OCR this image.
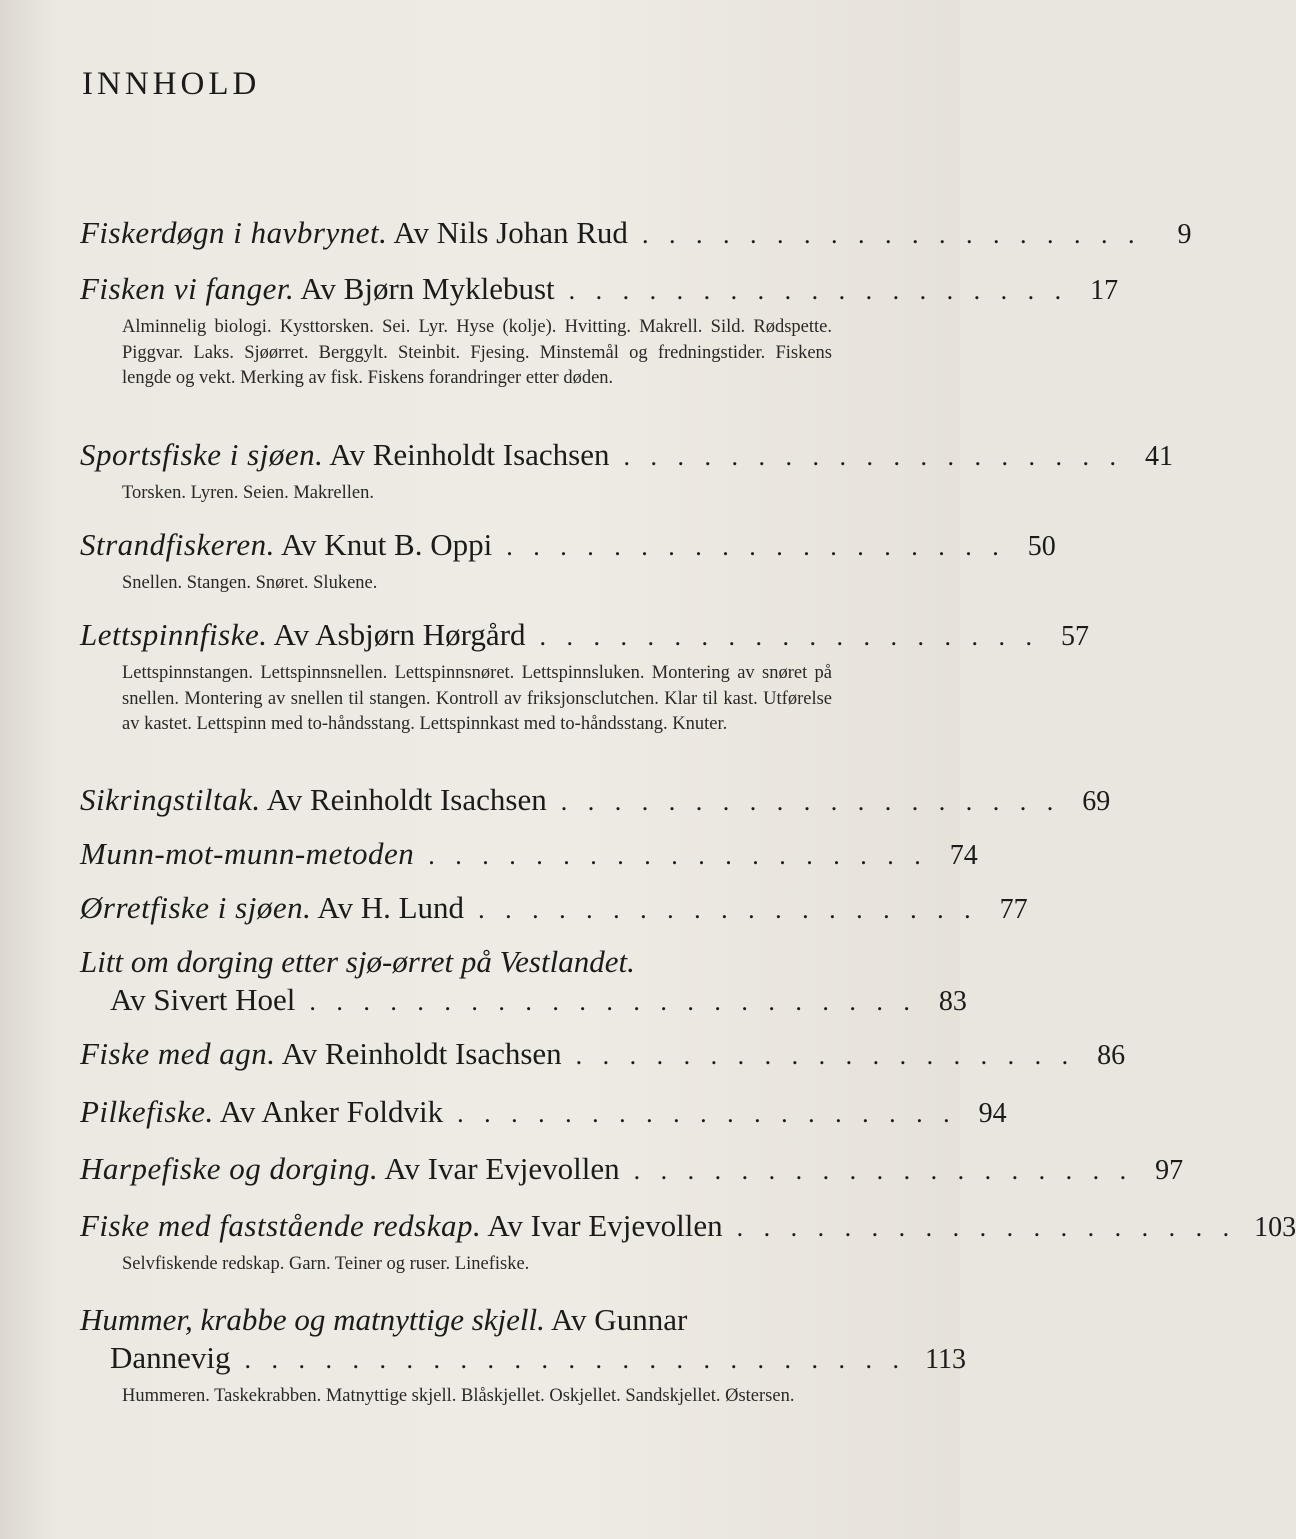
INNHOLD
Fiskerdøgn i havbrynet. Av Nils Johan Rud . . . . . . . . . . . . . . . . . . .	9
Fisken vi fanger. Av Bjørn Myklebust . . . . . . . . . . . . . . . . . . . 17
Alminnelig biologi. Kysttorsken. Sei. Lyr. Hyse (kolje). Hvitting. Makrell. Sild. Rødspette. Piggvar. Laks. Sjøørret. Berggylt. Steinbit. Fjesing. Minstemål og fredningstider. Fiskens lengde og vekt. Merking av fisk. Fiskens forandringer etter døden.
Sportsfiske i sjøen. Av Reinholdt Isachsen . . . . . . . . . . . . . . . . . . . 41
Torsken. Lyren. Seien. Makrellen.
Strandfiskeren. Av Knut B. Oppi . . . . . . . . . . . . . . . . . . . 50
Snellen. Stangen. Snøret. Slukene.
Lettspinnfiske. Av Asbjørn Hørgård . . . . . . . . . . . . . . . . . . . 57
Lettspinnstangen. Lettspinnsnellen. Lettspinnsnøret. Lettspinnsluken. Montering av snøret på snellen. Montering av snellen til stangen. Kontroll av friksjonsclutchen. Klar til kast. Utførelse av kastet. Lettspinn med to-håndsstang. Lettspinnkast med to-håndsstang. Knuter.
Sikringstiltak. Av Reinholdt Isachsen . . . . . . . . . . . . . . . . . . . 69
Munn-mot-munn-metoden . . . . . . . . . . . . . . . . . . . 74
Ørretfiske i sjøen. Av H. Lund . . . . . . . . . . . . . . . . . . . 77
Litt om dorging etter sjø-ørret på Vestlandet.
Av Sivert Hoel . . . . . . . . . . . . . . . . . . . . . . . 83
Fiske med agn. Av Reinholdt Isachsen . . . . . . . . . . . . . . . . . . . 86
Pilkefiske. Av Anker Foldvik . . . . . . . . . . . . . . . . . . . 94
Harpefiske og dorging. Av Ivar Evjevollen . . . . . . . . . . . . . . . . . . . 97
Fiske med faststående redskap. Av Ivar Evjevollen . . . . . . . . . . . . . . . . . . . 103
Selvfiskende redskap. Garn. Teiner og ruser. Linefiske.
Hummer, krabbe og matnyttige skjell. Av Gunnar
Dannevig . . . . . . . . . . . . . . . . . . . . . . . . . 113
Hummeren. Taskekrabben. Matnyttige skjell. Blåskjellet. Oskjellet. Sandskjellet. Østersen.
